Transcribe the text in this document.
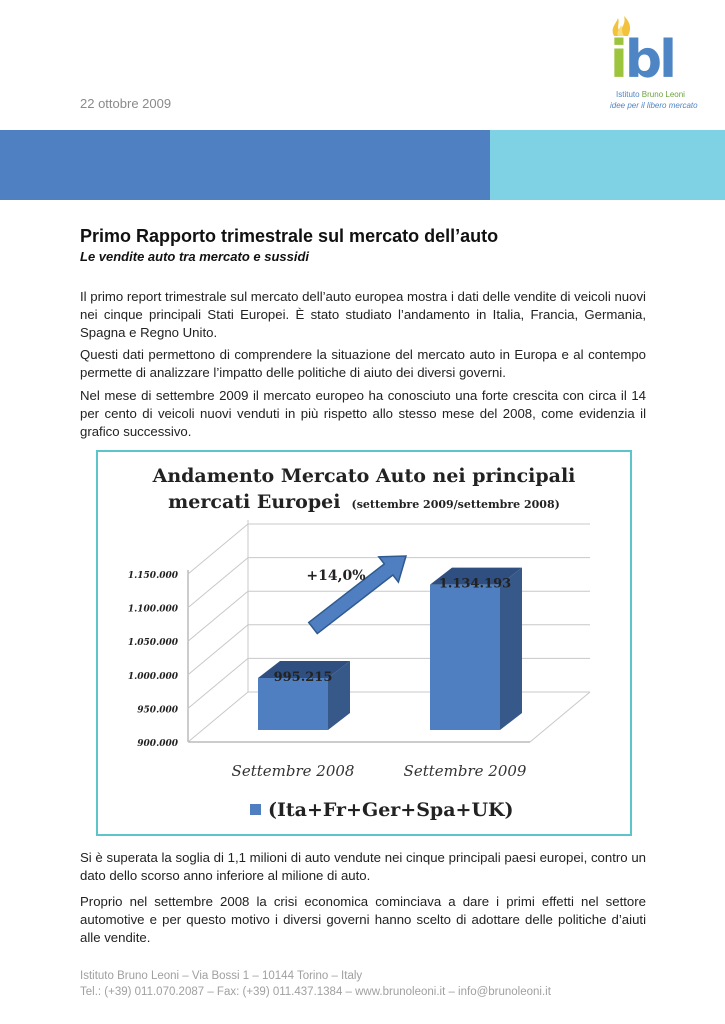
22 ottobre 2009
ibl
Istituto Bruno Leoni
idee per il libero mercato
Primo Rapporto trimestrale sul mercato dell’auto
Le vendite auto tra mercato e sussidi

Il primo report trimestrale sul mercato dell’auto europea mostra i dati delle vendite di veicoli nuovi nei cinque principali Stati Europei. È stato studiato l’andamento in Italia, Francia, Germania, Spagna e Regno Unito.

Questi dati permettono di comprendere la situazione del mercato auto in Europa e al contempo permette di analizzare l’impatto delle politiche di aiuto dei diversi governi.

Nel mese di settembre 2009 il mercato europeo ha conosciuto una forte crescita con circa il 14 per cento di veicoli nuovi venduti in più rispetto allo stesso mese del 2008, come evidenzia il grafico successivo.

Andamento Mercato Auto nei principali
mercati Europei (settembre 2009/settembre 2008)
900.000
950.000
1.000.000
1.050.000
1.100.000
1.150.000
995.215
Settembre 2008
1.134.193
Settembre 2009
+14,0%
(Ita+Fr+Ger+Spa+UK)

Si è superata la soglia di 1,1 milioni di auto vendute nei cinque principali paesi europei, contro un dato dello scorso anno inferiore al milione di auto.

Proprio nel settembre 2008 la crisi economica cominciava a dare i primi effetti nel settore automotive e per questo motivo i diversi governi hanno scelto di adottare delle politiche d’aiuti alle vendite.

Istituto Bruno Leoni – Via Bossi 1 – 10144 Torino – Italy
Tel.: (+39) 011.070.2087 – Fax: (+39) 011.437.1384 – www.brunoleoni.it – info@brunoleoni.it
